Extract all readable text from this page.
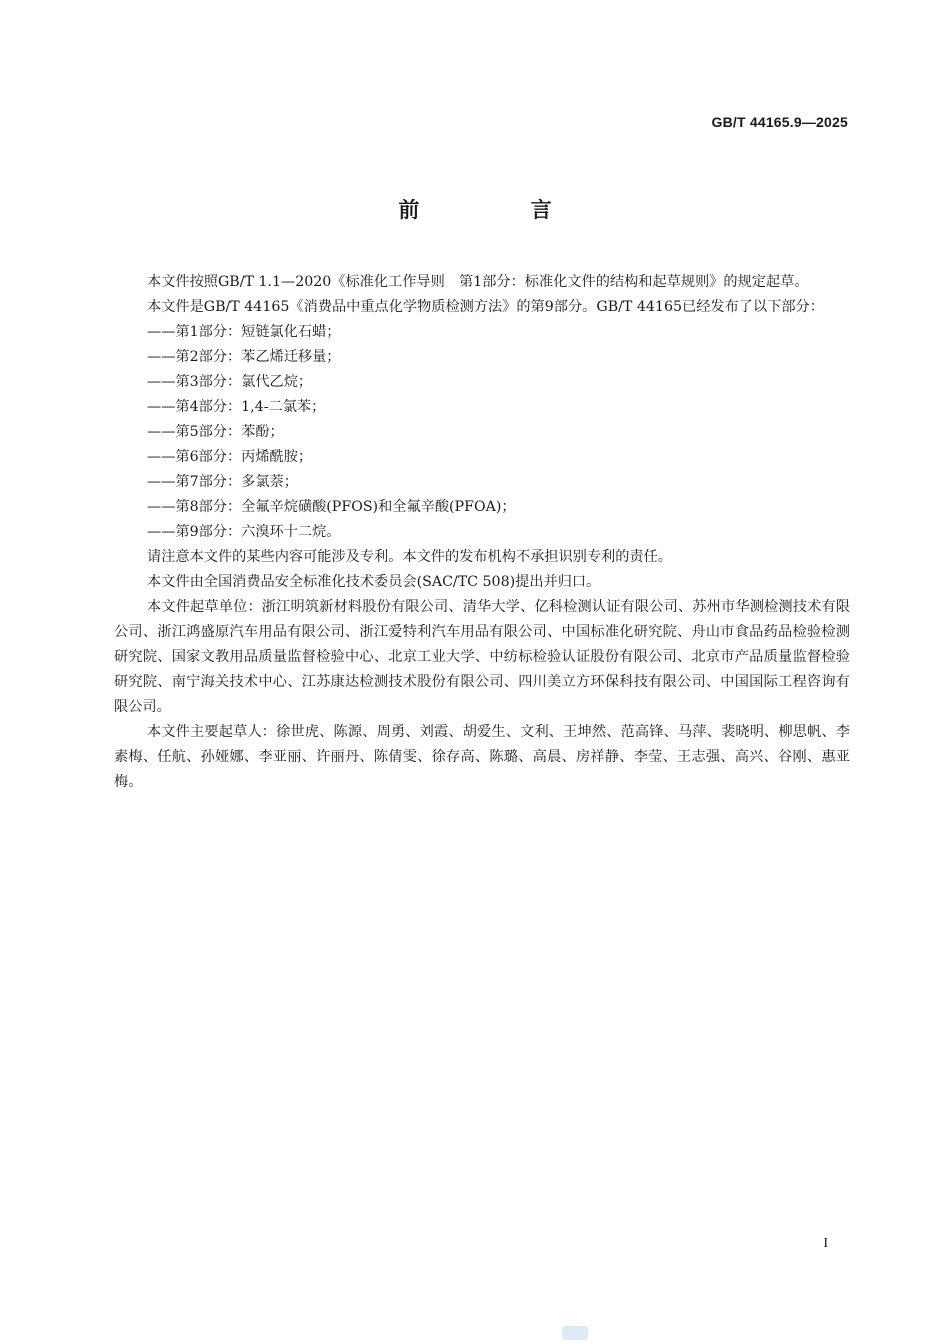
GB/T 44165.9—2025
前 言

本文件按照GB/T 1.1—2020《标准化工作导则　第1部分：标准化文件的结构和起草规则》的规定起草。

本文件是GB/T 44165《消费品中重点化学物质检测方法》的第9部分。GB/T 44165已经发布了以下部分：

——第1部分：短链氯化石蜡；

——第2部分：苯乙烯迁移量；

——第3部分：氯代乙烷；

——第4部分：1,4-二氯苯；

——第5部分：苯酚；

——第6部分：丙烯酰胺；

——第7部分：多氯萘；

——第8部分：全氟辛烷磺酸(PFOS)和全氟辛酸(PFOA)；

——第9部分：六溴环十二烷。

请注意本文件的某些内容可能涉及专利。本文件的发布机构不承担识别专利的责任。

本文件由全国消费品安全标准化技术委员会(SAC/TC 508)提出并归口。

本文件起草单位：浙江明筑新材料股份有限公司、清华大学、亿科检测认证有限公司、苏州市华测检测技术有限公司、浙江鸿盛原汽车用品有限公司、浙江爱特利汽车用品有限公司、中国标准化研究院、舟山市食品药品检验检测研究院、国家文教用品质量监督检验中心、北京工业大学、中纺标检验认证股份有限公司、北京市产品质量监督检验研究院、南宁海关技术中心、江苏康达检测技术股份有限公司、四川美立方环保科技有限公司、中国国际工程咨询有限公司。

本文件主要起草人：徐世虎、陈源、周勇、刘霞、胡爱生、文利、王坤然、范高锋、马萍、裴晓明、柳思帆、李素梅、任航、孙娅娜、李亚丽、许丽丹、陈倩雯、徐存高、陈璐、高晨、房祥静、李莹、王志强、高兴、谷刚、惠亚梅。

I
